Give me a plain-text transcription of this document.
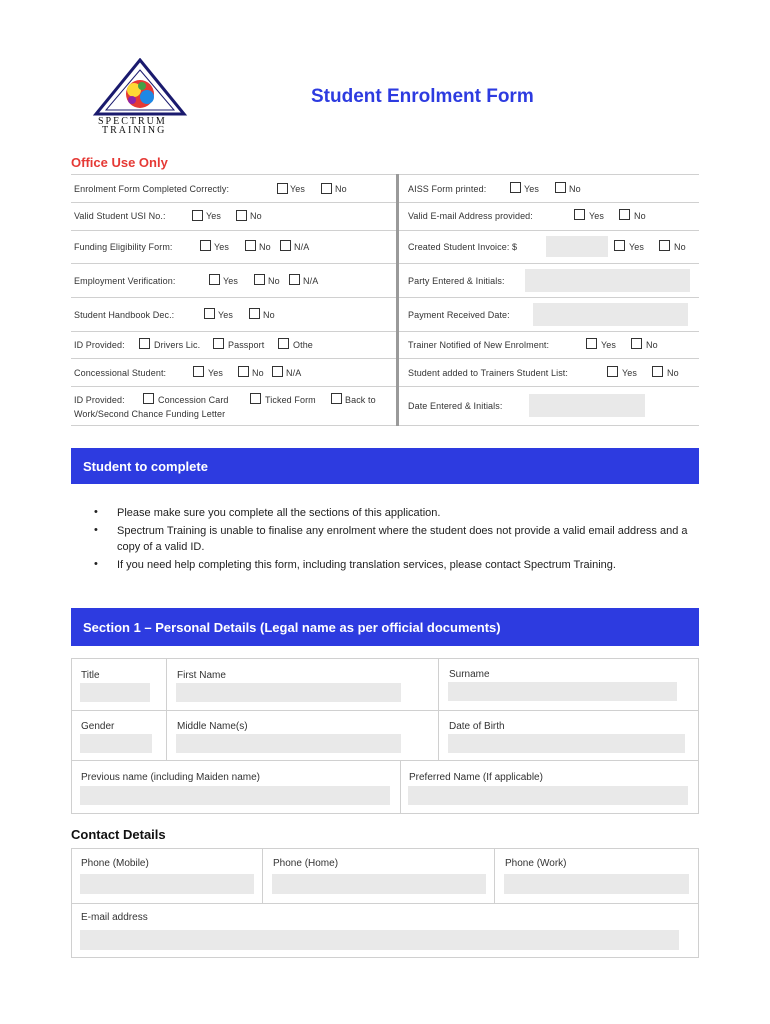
SPECTRUM
TRAINING
Student Enrolment Form
Office Use Only
Enrolment Form Completed Correctly:	Yes	No
Valid Student USI No.:	Yes	No
Funding Eligibility Form:	Yes	No	N/A
Employment Verification:	Yes	No	N/A
Student Handbook Dec.:	Yes	No
ID Provided:	Drivers Lic.	Passport	Othe
Concessional Student:	Yes	No N/A
ID Provided:	Concession Card	Ticked Form	Back to
Work/Second Chance Funding Letter
AISS Form printed:	Yes	No
Valid E-mail Address provided:	Yes	No
Created Student Invoice: $	Yes	No
Party Entered & Initials:
Payment Received Date:
Trainer Notified of New Enrolment:	Yes	No
Student added to Trainers Student List:	Yes	No
Date Entered & Initials:
Student to complete
• Please make sure you complete all the sections of this application.
• Spectrum Training is unable to finalise any enrolment where the student does not provide a valid email address and a copy of a valid ID.
• If you need help completing this form, including translation services, please contact Spectrum Training.
Section 1 – Personal Details (Legal name as per official documents)
Title	First Name	Surname
Gender	Middle Name(s)	Date of Birth
Previous name (including Maiden name)	Preferred Name (If applicable)
Contact Details
Phone (Mobile)	Phone (Home)	Phone (Work)
E-mail address
